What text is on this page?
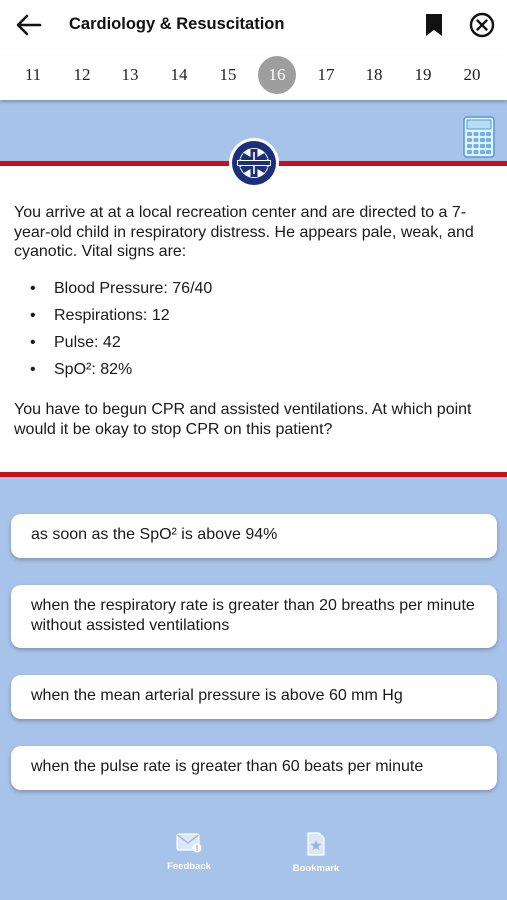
Cardiology & Resuscitation
11	12	13	14	15	16	17	18	19	20
You arrive at at a local recreation center and are directed to a 7-year-old child in respiratory distress. He appears pale, weak, and cyanotic. Vital signs are:
• Blood Pressure: 76/40
• Respirations: 12
• Pulse: 42
• SpO²: 82%
You have to begun CPR and assisted ventilations. At which point would it be okay to stop CPR on this patient?
as soon as the SpO² is above 94%
when the respiratory rate is greater than 20 breaths per minute without assisted ventilations
when the mean arterial pressure is above 60 mm Hg
when the pulse rate is greater than 60 beats per minute
Feedback	Bookmark
